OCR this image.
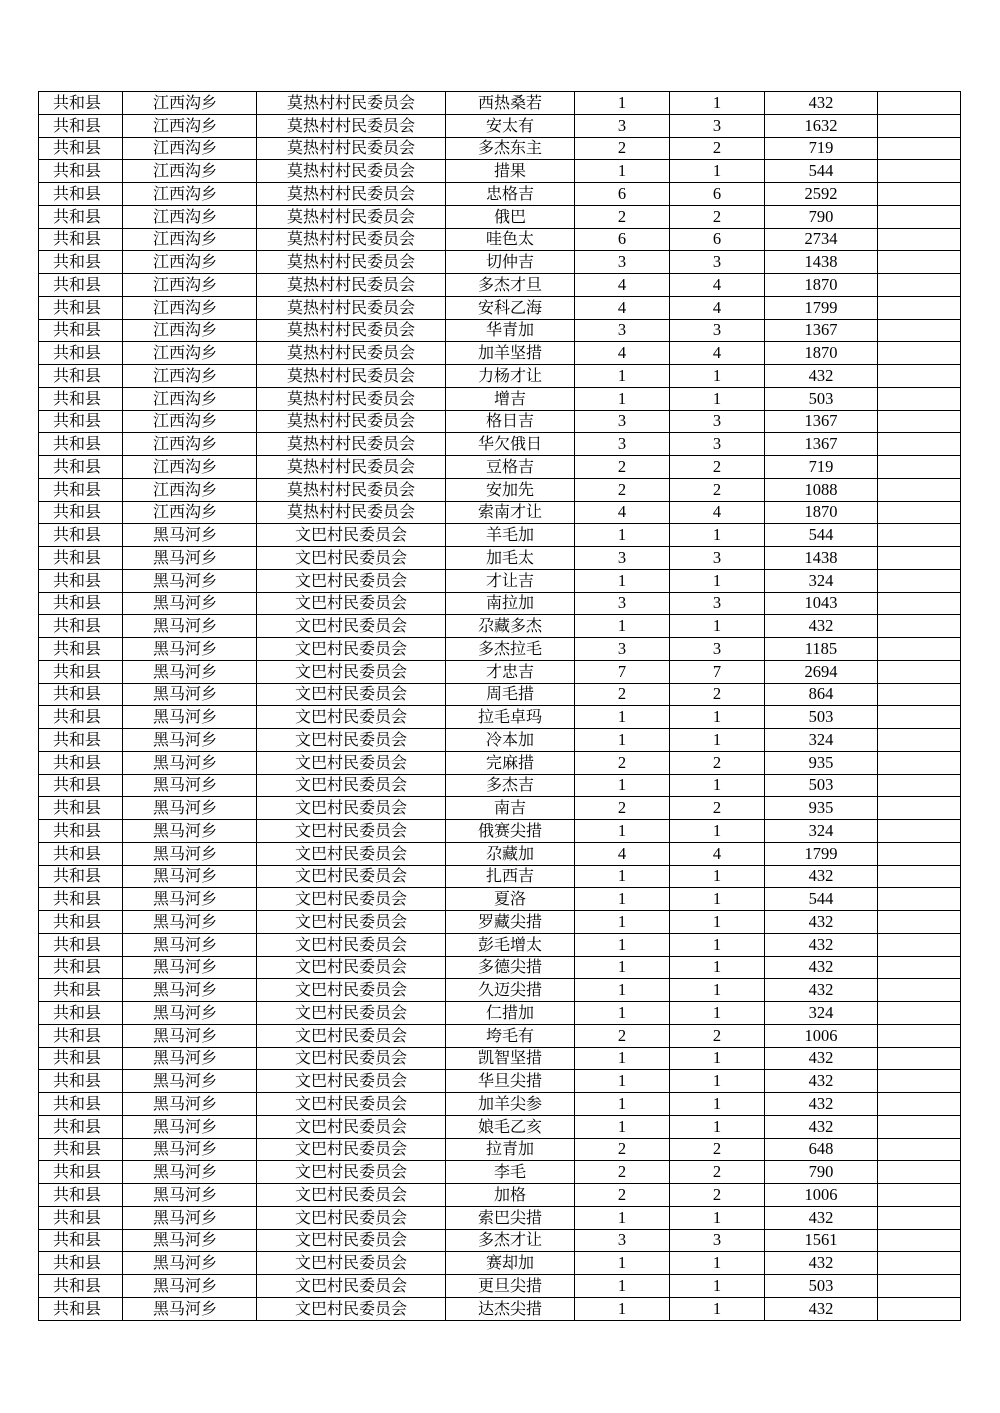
共和县	江西沟乡	莫热村村民委员会	西热桑若	1	1	432	
共和县	江西沟乡	莫热村村民委员会	安太有	3	3	1632	
共和县	江西沟乡	莫热村村民委员会	多杰东主	2	2	719	
共和县	江西沟乡	莫热村村民委员会	措果	1	1	544	
共和县	江西沟乡	莫热村村民委员会	忠格吉	6	6	2592	
共和县	江西沟乡	莫热村村民委员会	俄巴	2	2	790	
共和县	江西沟乡	莫热村村民委员会	哇色太	6	6	2734	
共和县	江西沟乡	莫热村村民委员会	切仲吉	3	3	1438	
共和县	江西沟乡	莫热村村民委员会	多杰才旦	4	4	1870	
共和县	江西沟乡	莫热村村民委员会	安科乙海	4	4	1799	
共和县	江西沟乡	莫热村村民委员会	华青加	3	3	1367	
共和县	江西沟乡	莫热村村民委员会	加羊坚措	4	4	1870	
共和县	江西沟乡	莫热村村民委员会	力杨才让	1	1	432	
共和县	江西沟乡	莫热村村民委员会	增吉	1	1	503	
共和县	江西沟乡	莫热村村民委员会	格日吉	3	3	1367	
共和县	江西沟乡	莫热村村民委员会	华欠俄日	3	3	1367	
共和县	江西沟乡	莫热村村民委员会	豆格吉	2	2	719	
共和县	江西沟乡	莫热村村民委员会	安加先	2	2	1088	
共和县	江西沟乡	莫热村村民委员会	索南才让	4	4	1870	
共和县	黑马河乡	文巴村民委员会	羊毛加	1	1	544	
共和县	黑马河乡	文巴村民委员会	加毛太	3	3	1438	
共和县	黑马河乡	文巴村民委员会	才让吉	1	1	324	
共和县	黑马河乡	文巴村民委员会	南拉加	3	3	1043	
共和县	黑马河乡	文巴村民委员会	尕藏多杰	1	1	432	
共和县	黑马河乡	文巴村民委员会	多杰拉毛	3	3	1185	
共和县	黑马河乡	文巴村民委员会	才忠吉	7	7	2694	
共和县	黑马河乡	文巴村民委员会	周毛措	2	2	864	
共和县	黑马河乡	文巴村民委员会	拉毛卓玛	1	1	503	
共和县	黑马河乡	文巴村民委员会	冷本加	1	1	324	
共和县	黑马河乡	文巴村民委员会	完麻措	2	2	935	
共和县	黑马河乡	文巴村民委员会	多杰吉	1	1	503	
共和县	黑马河乡	文巴村民委员会	南吉	2	2	935	
共和县	黑马河乡	文巴村民委员会	俄赛尖措	1	1	324	
共和县	黑马河乡	文巴村民委员会	尕藏加	4	4	1799	
共和县	黑马河乡	文巴村民委员会	扎西吉	1	1	432	
共和县	黑马河乡	文巴村民委员会	夏洛	1	1	544	
共和县	黑马河乡	文巴村民委员会	罗藏尖措	1	1	432	
共和县	黑马河乡	文巴村民委员会	彭毛增太	1	1	432	
共和县	黑马河乡	文巴村民委员会	多德尖措	1	1	432	
共和县	黑马河乡	文巴村民委员会	久迈尖措	1	1	432	
共和县	黑马河乡	文巴村民委员会	仁措加	1	1	324	
共和县	黑马河乡	文巴村民委员会	垮毛有	2	2	1006	
共和县	黑马河乡	文巴村民委员会	凯智坚措	1	1	432	
共和县	黑马河乡	文巴村民委员会	华旦尖措	1	1	432	
共和县	黑马河乡	文巴村民委员会	加羊尖参	1	1	432	
共和县	黑马河乡	文巴村民委员会	娘毛乙亥	1	1	432	
共和县	黑马河乡	文巴村民委员会	拉青加	2	2	648	
共和县	黑马河乡	文巴村民委员会	李毛	2	2	790	
共和县	黑马河乡	文巴村民委员会	加格	2	2	1006	
共和县	黑马河乡	文巴村民委员会	索巴尖措	1	1	432	
共和县	黑马河乡	文巴村民委员会	多杰才让	3	3	1561	
共和县	黑马河乡	文巴村民委员会	赛却加	1	1	432	
共和县	黑马河乡	文巴村民委员会	更旦尖措	1	1	503	
共和县	黑马河乡	文巴村民委员会	达杰尖措	1	1	432	
